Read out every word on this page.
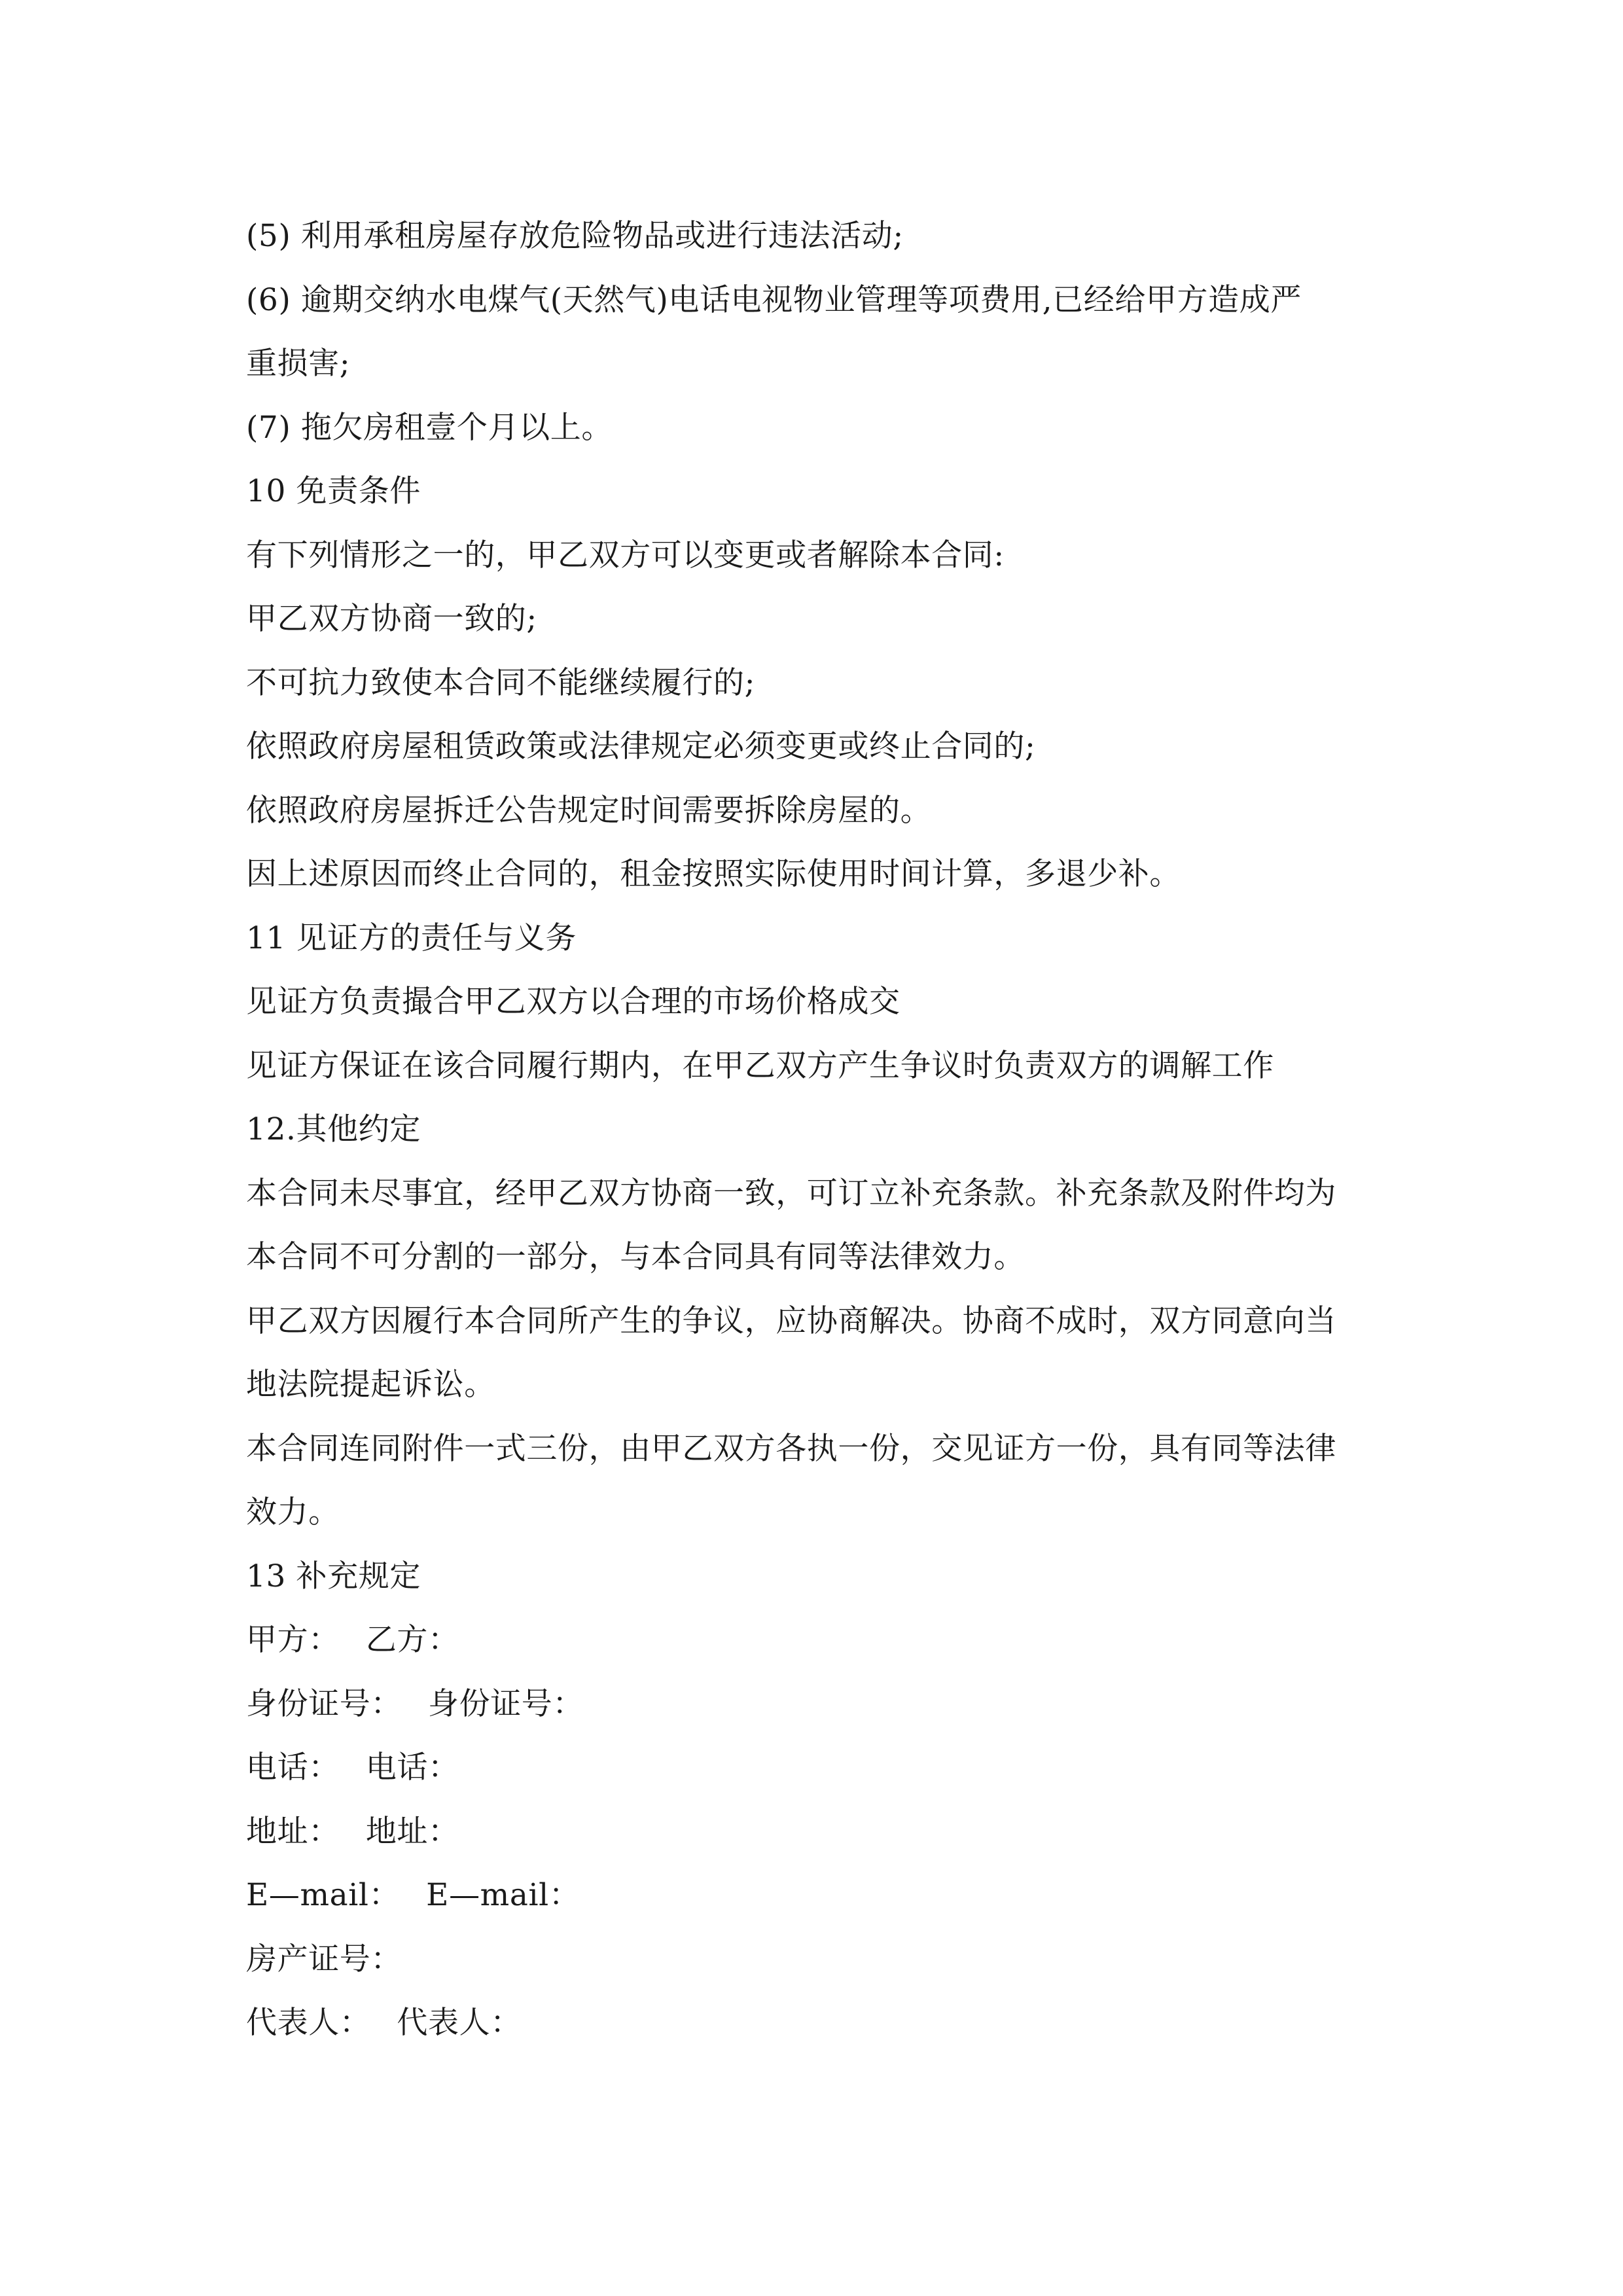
(5) 利用承租房屋存放危险物品或进行违法活动;
(6) 逾期交纳水电煤气(天然气)电话电视物业管理等项费用,已经给甲方造成严
重损害;
(7) 拖欠房租壹个月以上。
10 免责条件
有下列情形之一的，甲乙双方可以变更或者解除本合同:
甲乙双方协商一致的;
不可抗力致使本合同不能继续履行的;
依照政府房屋租赁政策或法律规定必须变更或终止合同的;
依照政府房屋拆迁公告规定时间需要拆除房屋的。
因上述原因而终止合同的，租金按照实际使用时间计算，多退少补。
11 见证方的责任与义务
见证方负责撮合甲乙双方以合理的市场价格成交
见证方保证在该合同履行期内，在甲乙双方产生争议时负责双方的调解工作
12.其他约定
本合同未尽事宜，经甲乙双方协商一致，可订立补充条款。补充条款及附件均为
本合同不可分割的一部分，与本合同具有同等法律效力。
甲乙双方因履行本合同所产生的争议，应协商解决。协商不成时，双方同意向当
地法院提起诉讼。
本合同连同附件一式三份，由甲乙双方各执一份，交见证方一份，具有同等法律
效力。
13 补充规定
甲方： 乙方：
身份证号： 身份证号：
电话： 电话：
地址： 地址：
E—mail： E—mail：
房产证号：
代表人： 代表人：
